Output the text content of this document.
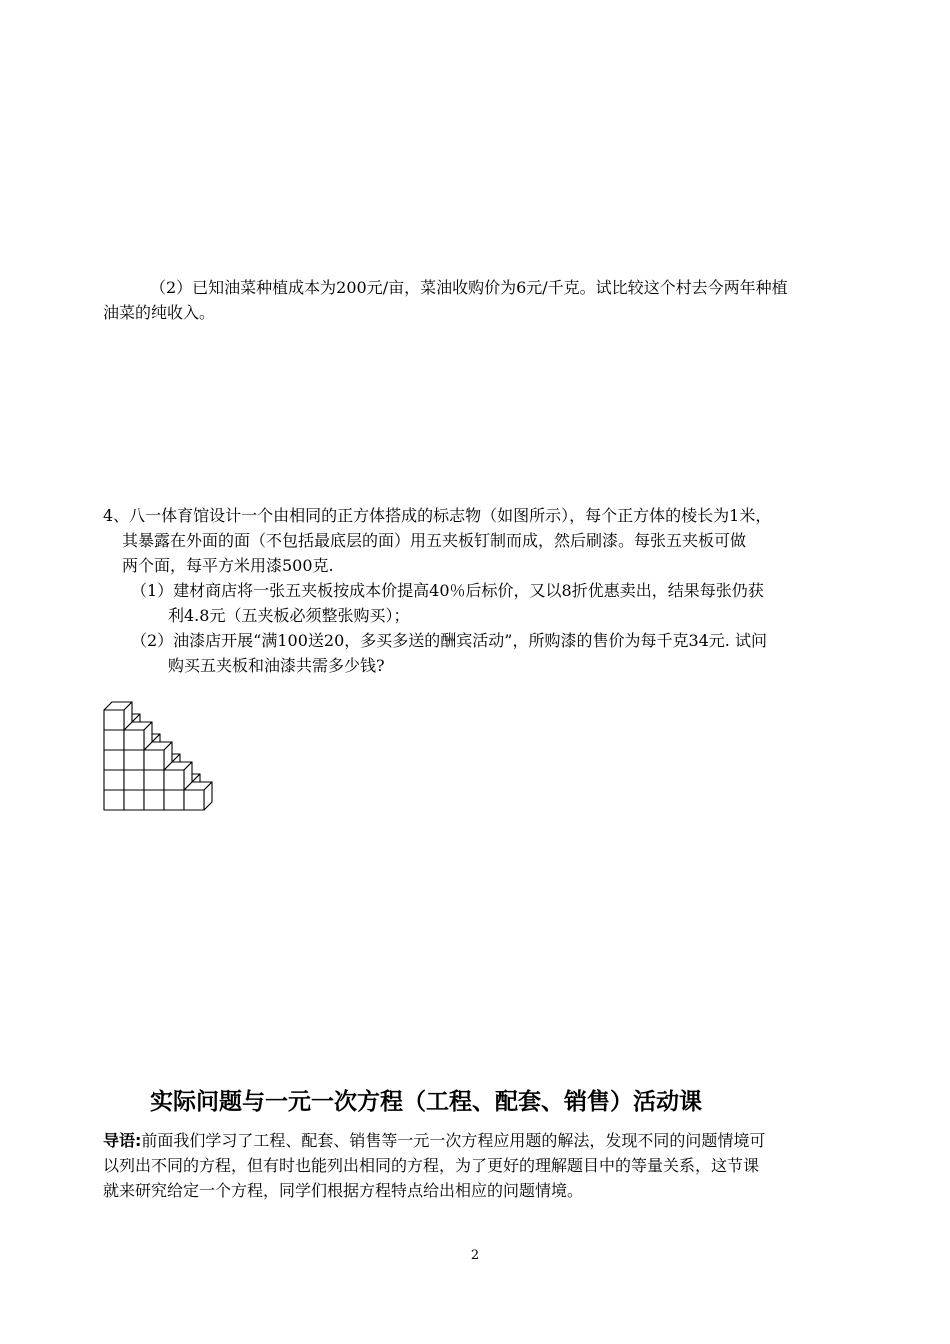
（2）已知油菜种植成本为200元/亩，菜油收购价为6元/千克。试比较这个村去今两年种植
油菜的纯收入。
4、八一体育馆设计一个由相同的正方体搭成的标志物（如图所示），每个正方体的棱长为1米，
其暴露在外面的面（不包括最底层的面）用五夹板钉制而成，然后刷漆。每张五夹板可做
两个面，每平方米用漆500克.
（1）建材商店将一张五夹板按成本价提高40％后标价，又以8折优惠卖出，结果每张仍获
利4.8元（五夹板必须整张购买）；
（2）油漆店开展“满100送20，多买多送的酬宾活动”，所购漆的售价为每千克34元. 试问
购买五夹板和油漆共需多少钱?
实际问题与一元一次方程（工程、配套、销售）活动课
导语:前面我们学习了工程、配套、销售等一元一次方程应用题的解法，发现不同的问题情境可
以列出不同的方程，但有时也能列出相同的方程，为了更好的理解题目中的等量关系，这节课
就来研究给定一个方程，同学们根据方程特点给出相应的问题情境。
2
